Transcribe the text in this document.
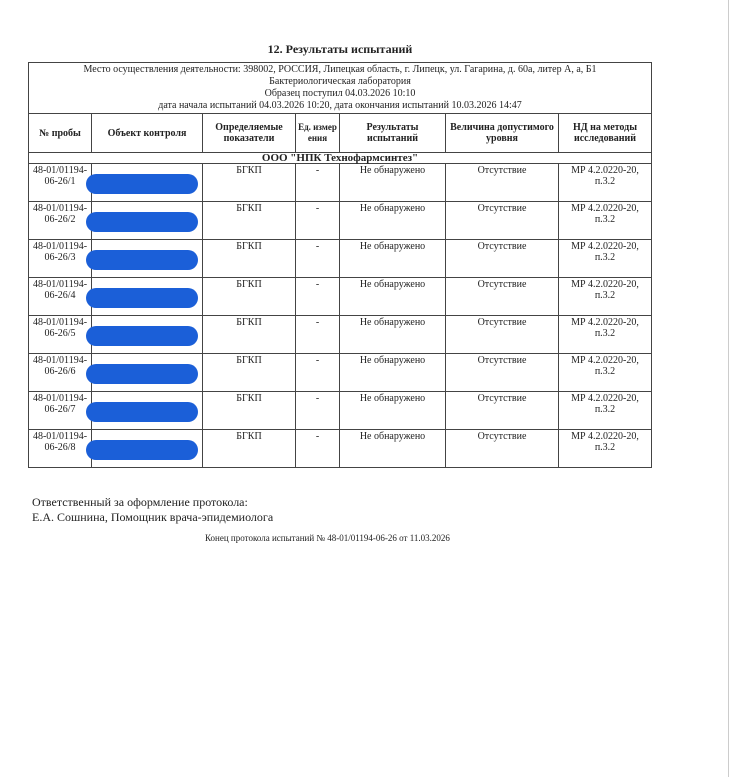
12. Результаты испытаний
Место осуществления деятельности: 398002, РОССИЯ, Липецкая область, г. Липецк, ул. Гагарина, д. 60а, литер А, а, Б1
Бактериологическая лаборатория
Образец поступил 04.03.2026 10:10
дата начала испытаний 04.03.2026 10:20, дата окончания испытаний 10.03.2026 14:47						

№ пробы	Объект контроля	Определяемые показатели	Ед. измер ения	Результаты испытаний	Величина допустимого уровня	НД на методы исследований
ООО "НПК Технофармсинтез"						
48-01/01194-06-26/1		БГКП	-	Не обнаружено	Отсутствие	МР 4.2.0220-20, п.3.2
48-01/01194-06-26/2		БГКП	-	Не обнаружено	Отсутствие	МР 4.2.0220-20, п.3.2
48-01/01194-06-26/3		БГКП	-	Не обнаружено	Отсутствие	МР 4.2.0220-20, п.3.2
48-01/01194-06-26/4		БГКП	-	Не обнаружено	Отсутствие	МР 4.2.0220-20, п.3.2
48-01/01194-06-26/5		БГКП	-	Не обнаружено	Отсутствие	МР 4.2.0220-20, п.3.2
48-01/01194-06-26/6		БГКП	-	Не обнаружено	Отсутствие	МР 4.2.0220-20, п.3.2
48-01/01194-06-26/7		БГКП	-	Не обнаружено	Отсутствие	МР 4.2.0220-20, п.3.2
48-01/01194-06-26/8		БГКП	-	Не обнаружено	Отсутствие	МР 4.2.0220-20, п.3.2
Ответственный за оформление протокола:
Е.А. Сошнина, Помощник врача-эпидемиолога
Конец протокола испытаний № 48-01/01194-06-26 от 11.03.2026
